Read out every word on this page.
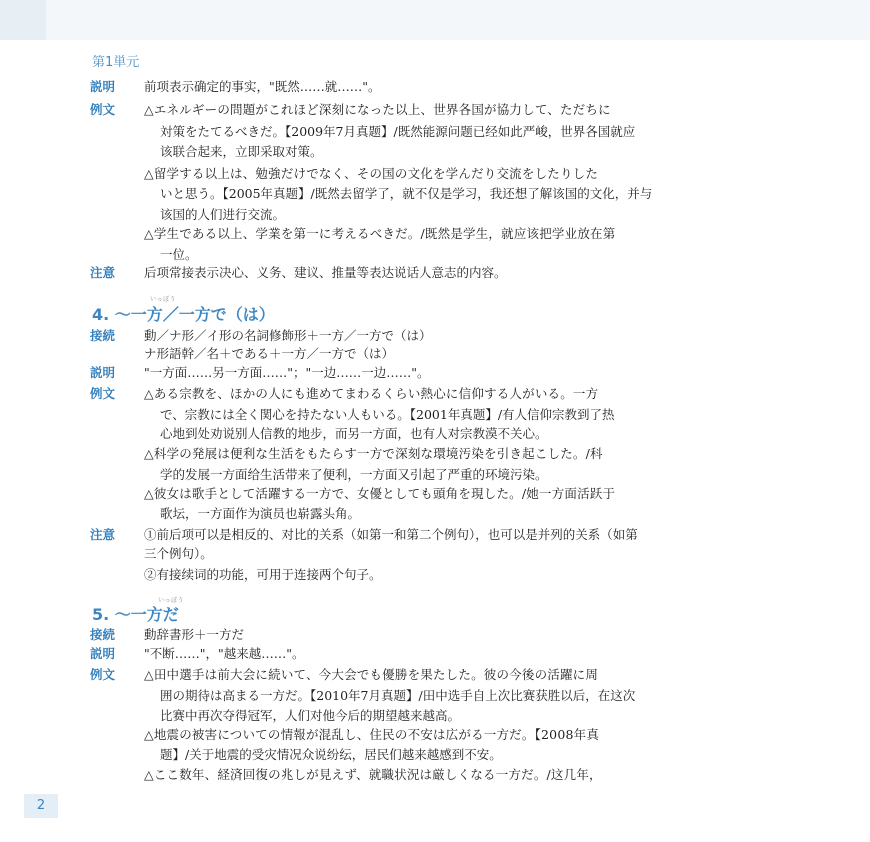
第1単元
説明 前项表示确定的事实，"既然……就……"。
例文 △エネルギーの問題がこれほど深刻になった以上、世界各国が協力して、ただちに
対策をたてるべきだ。【2009年7月真题】/既然能源问题已经如此严峻，世界各国就应
该联合起来，立即采取对策。
△留学する以上は、勉強だけでなく、その国の文化を学んだり交流をしたりした
いと思う。【2005年真题】/既然去留学了，就不仅是学习，我还想了解该国的文化，并与
该国的人们进行交流。
△学生である以上、学業を第一に考えるべきだ。/既然是学生，就应该把学业放在第
一位。
注意 后项常接表示决心、义务、建议、推量等表达说话人意志的内容。
いっぽう
4. ～一方／一方で（は）
接続 動／ナ形／イ形の名詞修飾形＋一方／一方で（は）
ナ形語幹／名＋である＋一方／一方で（は）
説明 "一方面……另一方面……"；"一边……一边……"。
例文 △ある宗教を、ほかの人にも進めてまわるくらい熱心に信仰する人がいる。一方
で、宗教には全く関心を持たない人もいる。【2001年真题】/有人信仰宗教到了热
心地到处劝说别人信教的地步，而另一方面，也有人对宗教漠不关心。
△科学の発展は便利な生活をもたらす一方で深刻な環境汚染を引き起こした。/科
学的发展一方面给生活带来了便利，一方面又引起了严重的环境污染。
△彼女は歌手として活躍する一方で、女優としても頭角を現した。/她一方面活跃于
歌坛，一方面作为演员也崭露头角。
注意 ①前后项可以是相反的、对比的关系（如第一和第二个例句），也可以是并列的关系（如第
三个例句）。
②有接续词的功能，可用于连接两个句子。
いっぽう
5. ～一方だ
接続 動辞書形＋一方だ
説明 "不断……"，"越来越……"。
例文 △田中選手は前大会に続いて、今大会でも優勝を果たした。彼の今後の活躍に周
囲の期待は高まる一方だ。【2010年7月真题】/田中选手自上次比赛获胜以后，在这次
比赛中再次夺得冠军，人们对他今后的期望越来越高。
△地震の被害についての情報が混乱し、住民の不安は広がる一方だ。【2008年真
题】/关于地震的受灾情况众说纷纭，居民们越来越感到不安。
△ここ数年、経済回復の兆しが見えず、就職状況は厳しくなる一方だ。/这几年，
2
